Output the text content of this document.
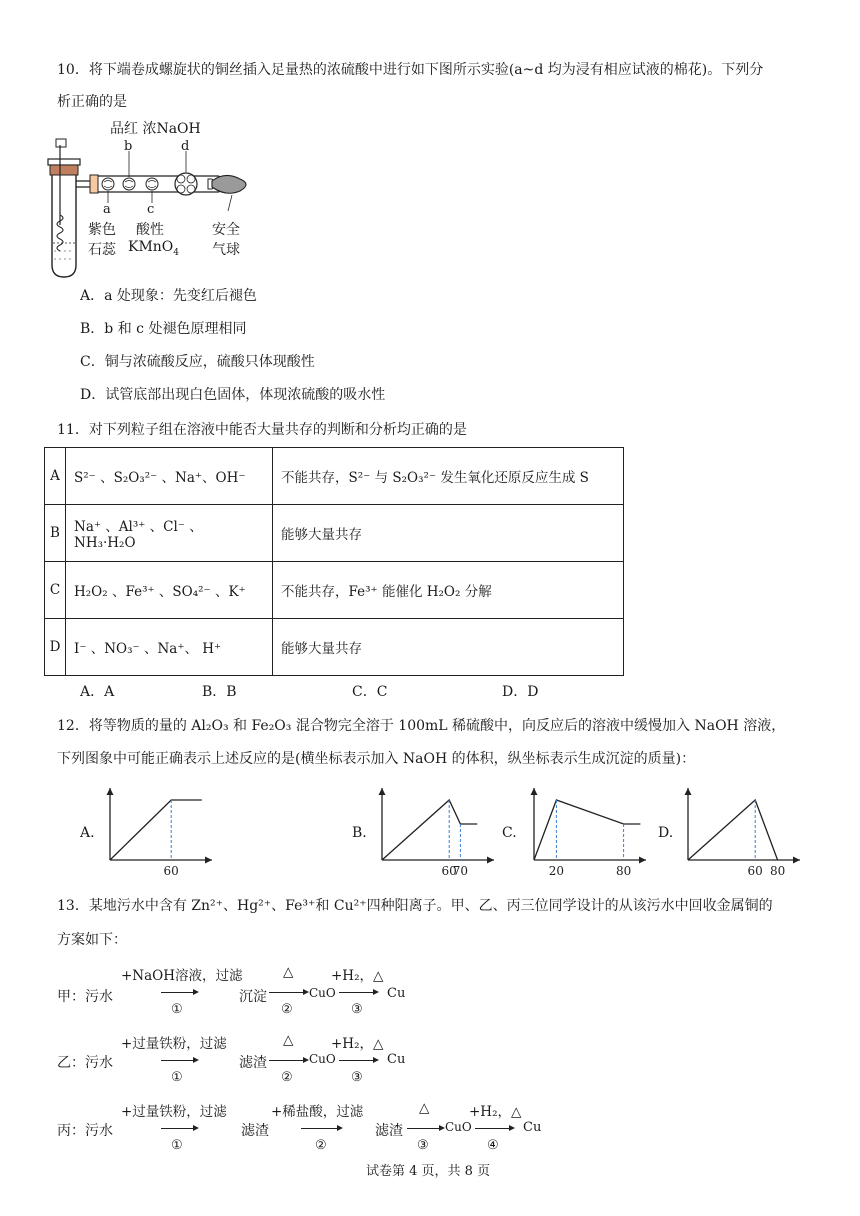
10．将下端卷成螺旋状的铜丝插入足量热的浓硫酸中进行如下图所示实验(a~d 均为浸有相应试液的棉花)。下列分
析正确的是
品红 浓NaOH
b	d
a	c
紫色
石蕊
酸性
KMnO$_4$
安全
气球
A．a 处现象：先变红后褪色
B．b 和 c 处褪色原理相同
C．铜与浓硫酸反应，硫酸只体现酸性
D．试管底部出现白色固体，体现浓硫酸的吸水性
11．对下列粒子组在溶液中能否大量共存的判断和分析均正确的是
A	S²⁻ 、S₂O₃²⁻ 、Na⁺、OH⁻	不能共存，S²⁻ 与 S₂O₃²⁻ 发生氧化还原反应生成 S
B	Na⁺ 、Al³⁺ 、Cl⁻ 、NH₃·H₂O	能够大量共存
C	H₂O₂ 、Fe³⁺ 、SO₄²⁻ 、K⁺	不能共存，Fe³⁺ 能催化 H₂O₂ 分解
D	I⁻ 、NO₃⁻ 、Na⁺、 H⁺	能够大量共存
A．A	B．B	C．C	D．D
12．将等物质的量的 Al₂O₃ 和 Fe₂O₃ 混合物完全溶于 100mL 稀硫酸中，向反应后的溶液中缓慢加入 NaOH 溶液，
下列图象中可能正确表示上述反应的是(横坐标表示加入 NaOH 的体积，纵坐标表示生成沉淀的质量)：
A.	B.	C.	D.
60	60
70	20	80	60 80
13．某地污水中含有 Zn²⁺、Hg²⁺、Fe³⁺和 Cu²⁺四种阳离子。甲、乙、丙三位同学设计的从该污水中回收金属铜的
方案如下：
甲：污水
+NaOH溶液，过滤
①
沉淀
△
②
CuO
+H₂，△
③
Cu
乙：污水
+过量铁粉，过滤
①
滤渣
△
②
CuO
+H₂，△
③
Cu
丙：污水
+过量铁粉，过滤
①
滤渣
+稀盐酸，过滤
②
滤渣
△
③
CuO
+H₂，△
④
Cu
试卷第 4 页，共 8 页
